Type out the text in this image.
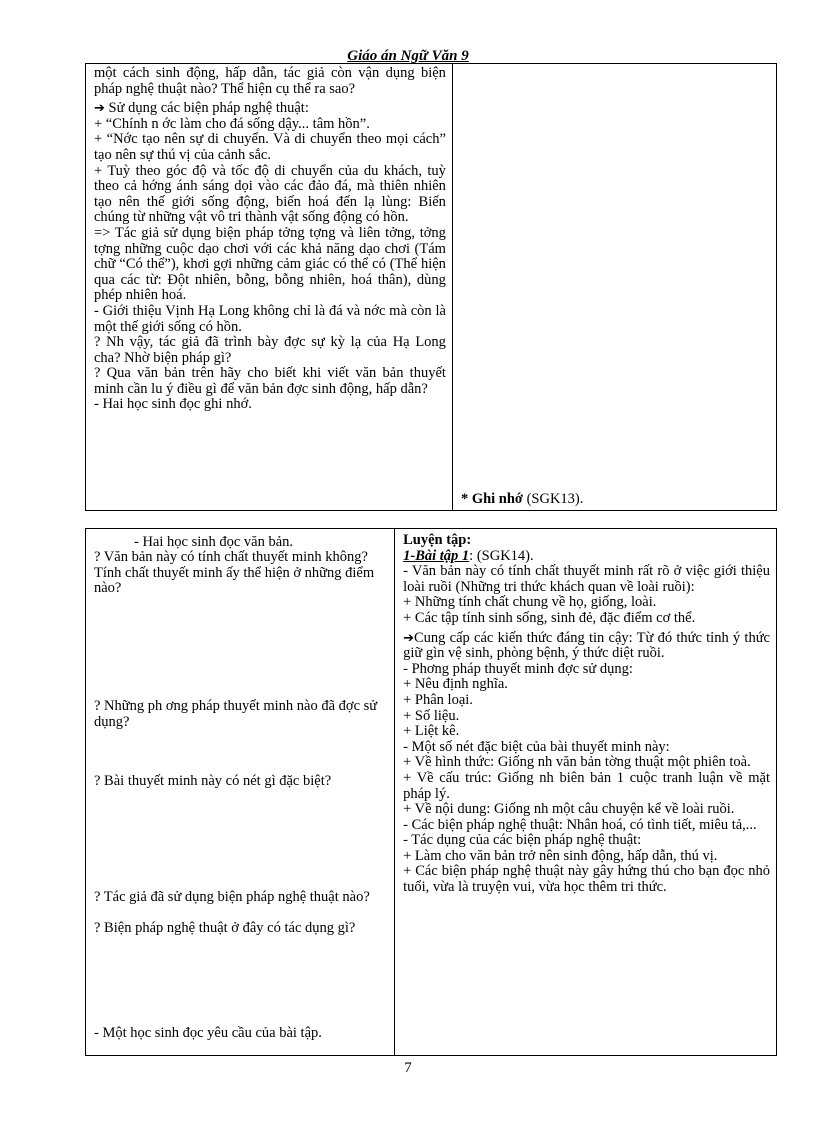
Giáo án Ngữ Văn 9

một cách sinh động, hấp dẫn, tác giả còn vận dụng biện pháp nghệ thuật nào? Thể hiện cụ thể ra sao?

➔ Sử dụng các biện pháp nghệ thuật:

+ “Chính n ớc làm cho đá sống dậy... tâm hồn”.

+ “Nớc tạo nên sự di chuyển. Và di chuyển theo mọi cách” tạo nên sự thú vị của cảnh sắc.

+ Tuỳ theo góc độ và tốc độ di chuyển của du khách, tuỳ theo cả hớng ánh sáng dọi vào các đảo đá, mà thiên nhiên tạo nên thế giới sống động, biến hoá đến lạ lùng: Biến chúng từ những vật vô tri thành vật sống động có hồn.

=> Tác giả sử dụng biện pháp tởng tợng và liên tởng, tởng tợng những cuộc dạo chơi với các khả năng dạo chơi (Tám chữ “Có thể”), khơi gợi những cảm giác có thể có (Thể hiện qua các từ: Đột nhiên, bỗng, bỗng nhiên, hoá thân), dùng phép nhiên hoá.

- Giới thiệu Vịnh Hạ Long không chỉ là đá và nớc mà còn là một thế giới sống có hồn.

? Nh vậy, tác giả đã trình bày đợc sự kỳ lạ của Hạ Long cha? Nhờ biện pháp gì?

? Qua văn bản trên hãy cho biết khi viết văn bản thuyết minh cần lu ý điều gì để văn bản đợc sinh động, hấp dẫn?

- Hai học sinh đọc ghi nhớ.

* Ghi nhớ (SGK13).

- Hai học sinh đọc văn bản.

? Văn bản này có tính chất thuyết minh không? Tính chất thuyết minh ấy thể hiện ở những điểm nào?

? Những ph ơng pháp thuyết minh nào đã đợc sử dụng?

? Bài thuyết minh này có nét gì đặc biệt?

? Tác giả đã sử dụng biện pháp nghệ thuật nào?

? Biện pháp nghệ thuật ở đây có tác dụng gì?

- Một học sinh đọc yêu cầu của bài tập.

Luyện tập:

1-Bài tập 1: (SGK14).

- Văn bản này có tính chất thuyết minh rất rõ ở việc giới thiệu loài ruồi (Những tri thức khách quan về loài ruồi):

+ Những tính chất chung về họ, giống, loài.

+ Các tập tính sinh sống, sinh đẻ, đặc điểm cơ thể.

➔Cung cấp các kiến thức đáng tin cậy: Từ đó thức tỉnh ý thức giữ gìn vệ sinh, phòng bệnh, ý thức diệt ruồi.

- Phơng pháp thuyết minh đợc sử dụng:

+ Nêu định nghĩa.

+ Phân loại.

+ Số liệu.

+ Liệt kê.

- Một số nét đặc biệt của bài thuyết minh này:

+ Về hình thức: Giống nh văn bản tờng thuật một phiên toà.

+ Về cấu trúc: Giống nh biên bản 1 cuộc tranh luận về mặt pháp lý.

+ Về nội dung: Giống nh một câu chuyện kể về loài ruồi.

- Các biện pháp nghệ thuật: Nhân hoá, có tình tiết, miêu tả,...

- Tác dụng của các biện pháp nghệ thuật:

+ Làm cho văn bản trở nên sinh động, hấp dẫn, thú vị.

+ Các biện pháp nghệ thuật này gây hứng thú cho bạn đọc nhỏ tuổi, vừa là truyện vui, vừa học thêm tri thức.

7
